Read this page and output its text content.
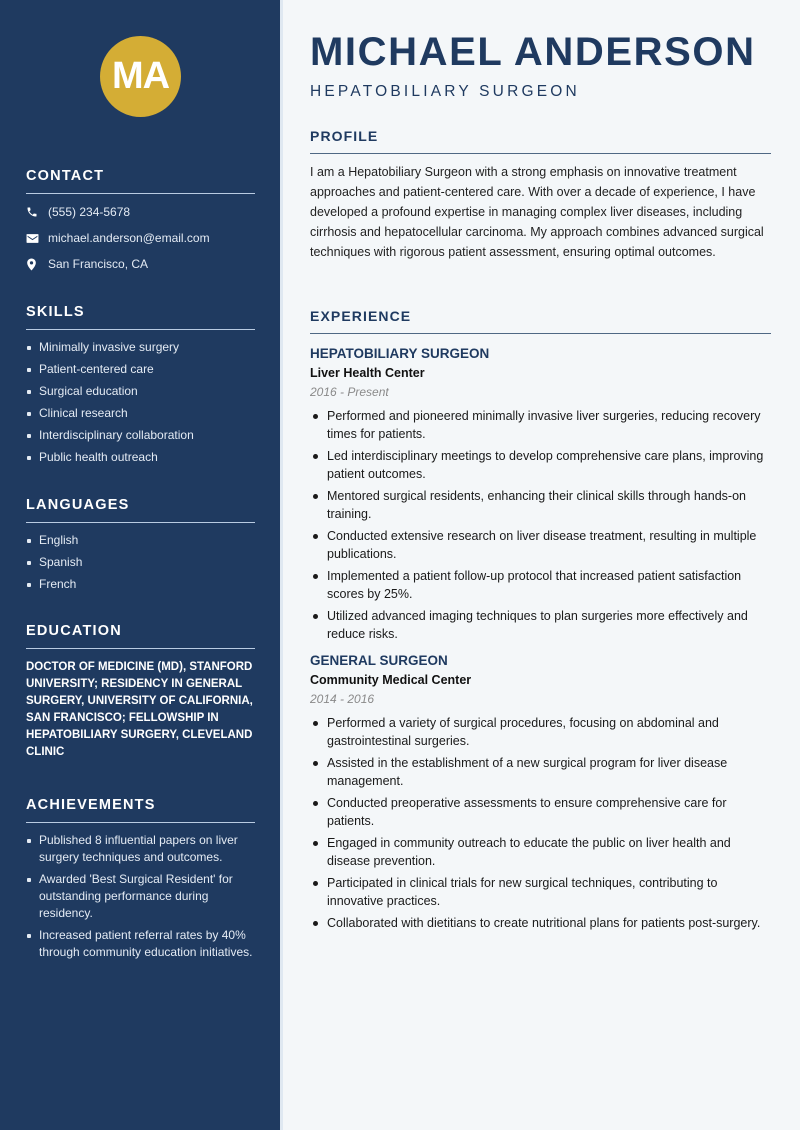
MA
CONTACT
(555) 234-5678
michael.anderson@email.com
San Francisco, CA
SKILLS
Minimally invasive surgery
Patient-centered care
Surgical education
Clinical research
Interdisciplinary collaboration
Public health outreach
LANGUAGES
English
Spanish
French
EDUCATION

DOCTOR OF MEDICINE (MD), STANFORD UNIVERSITY; RESIDENCY IN GENERAL SURGERY, UNIVERSITY OF CALIFORNIA, SAN FRANCISCO; FELLOWSHIP IN HEPATOBILIARY SURGERY, CLEVELAND CLINIC

ACHIEVEMENTS
Published 8 influential papers on liver surgery techniques and outcomes.
Awarded 'Best Surgical Resident' for outstanding performance during residency.
Increased patient referral rates by 40% through community education initiatives.
MICHAEL ANDERSON
HEPATOBILIARY SURGEON
PROFILE

I am a Hepatobiliary Surgeon with a strong emphasis on innovative treatment approaches and patient-centered care. With over a decade of experience, I have developed a profound expertise in managing complex liver diseases, including cirrhosis and hepatocellular carcinoma. My approach combines advanced surgical techniques with rigorous patient assessment, ensuring optimal outcomes.

EXPERIENCE
HEPATOBILIARY SURGEON
Liver Health Center
2016 - Present
Performed and pioneered minimally invasive liver surgeries, reducing recovery times for patients.
Led interdisciplinary meetings to develop comprehensive care plans, improving patient outcomes.
Mentored surgical residents, enhancing their clinical skills through hands-on training.
Conducted extensive research on liver disease treatment, resulting in multiple publications.
Implemented a patient follow-up protocol that increased patient satisfaction scores by 25%.
Utilized advanced imaging techniques to plan surgeries more effectively and reduce risks.
GENERAL SURGEON
Community Medical Center
2014 - 2016
Performed a variety of surgical procedures, focusing on abdominal and gastrointestinal surgeries.
Assisted in the establishment of a new surgical program for liver disease management.
Conducted preoperative assessments to ensure comprehensive care for patients.
Engaged in community outreach to educate the public on liver health and disease prevention.
Participated in clinical trials for new surgical techniques, contributing to innovative practices.
Collaborated with dietitians to create nutritional plans for patients post-surgery.
